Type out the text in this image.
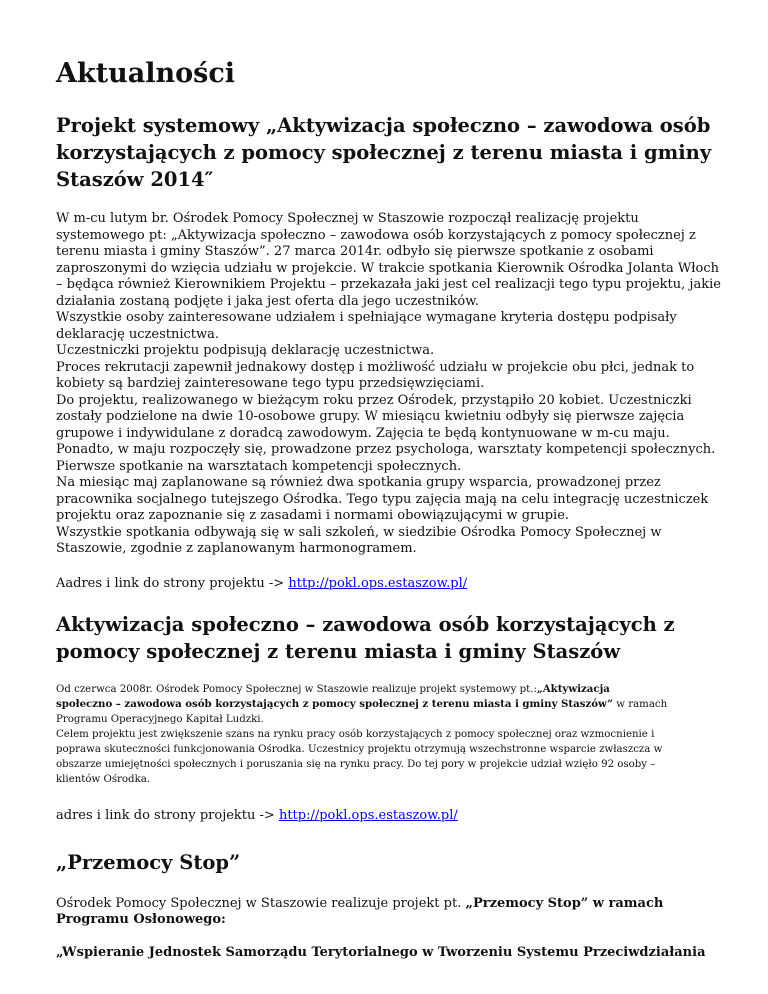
Aktualności
Projekt systemowy „Aktywizacja społeczno – zawodowa osób korzystających z pomocy społecznej z terenu miasta i gminy Staszów 2014″
W m-cu lutym br. Ośrodek Pomocy Społecznej w Staszowie rozpoczął realizację projektu
systemowego pt: „Aktywizacja społeczno – zawodowa osób korzystających z pomocy społecznej z
terenu miasta i gminy Staszów”. 27 marca 2014r. odbyło się pierwsze spotkanie z osobami
zaproszonymi do wzięcia udziału w projekcie. W trakcie spotkania Kierownik Ośrodka Jolanta Włoch
– będąca również Kierownikiem Projektu – przekazała jaki jest cel realizacji tego typu projektu, jakie
działania zostaną podjęte i jaka jest oferta dla jego uczestników.
Wszystkie osoby zainteresowane udziałem i spełniające wymagane kryteria dostępu podpisały
deklarację uczestnictwa.
Uczestniczki projektu podpisują deklarację uczestnictwa.
Proces rekrutacji zapewnił jednakowy dostęp i możliwość udziału w projekcie obu płci, jednak to
kobiety są bardziej zainteresowane tego typu przedsięwzięciami.
Do projektu, realizowanego w bieżącym roku przez Ośrodek, przystąpiło 20 kobiet. Uczestniczki
zostały podzielone na dwie 10-osobowe grupy. W miesiącu kwietniu odbyły się pierwsze zajęcia
grupowe i indywidulane z doradcą zawodowym. Zajęcia te będą kontynuowane w m-cu maju.
Ponadto, w maju rozpoczęły się, prowadzone przez psychologa, warsztaty kompetencji społecznych.
Pierwsze spotkanie na warsztatach kompetencji społecznych.
Na miesiąc maj zaplanowane są również dwa spotkania grupy wsparcia, prowadzonej przez
pracownika socjalnego tutejszego Ośrodka. Tego typu zajęcia mają na celu integrację uczestniczek
projektu oraz zapoznanie się z zasadami i normami obowiązującymi w grupie.
Wszystkie spotkania odbywają się w sali szkoleń, w siedzibie Ośrodka Pomocy Społecznej w
Staszowie, zgodnie z zaplanowanym harmonogramem.

Aadres i link do strony projektu -> http://pokl.ops.estaszow.pl/

Aktywizacja społeczno – zawodowa osób korzystających z pomocy społecznej z terenu miasta i gminy Staszów
Od czerwca 2008r. Ośrodek Pomocy Społecznej w Staszowie realizuje projekt systemowy pt.:„Aktywizacja
społeczno – zawodowa osób korzystających z pomocy społecznej z terenu miasta i gminy Staszów” w ramach
Programu Operacyjnego Kapitał Ludzki.
Celem projektu jest zwiększenie szans na rynku pracy osób korzystających z pomocy społecznej oraz wzmocnienie i
poprawa skuteczności funkcjonowania Ośrodka. Uczestnicy projektu otrzymują wszechstronne wsparcie zwłaszcza w
obszarze umiejętności społecznych i poruszania się na rynku pracy. Do tej pory w projekcie udział wzięło 92 osoby –
klientów Ośrodka.

adres i link do strony projektu -> http://pokl.ops.estaszow.pl/

„Przemocy Stop”
Ośrodek Pomocy Społecznej w Staszowie realizuje projekt pt. „Przemocy Stop” w ramach
Programu Osłonowego:

„Wspieranie Jednostek Samorządu Terytorialnego w Tworzeniu Systemu Przeciwdziałania
